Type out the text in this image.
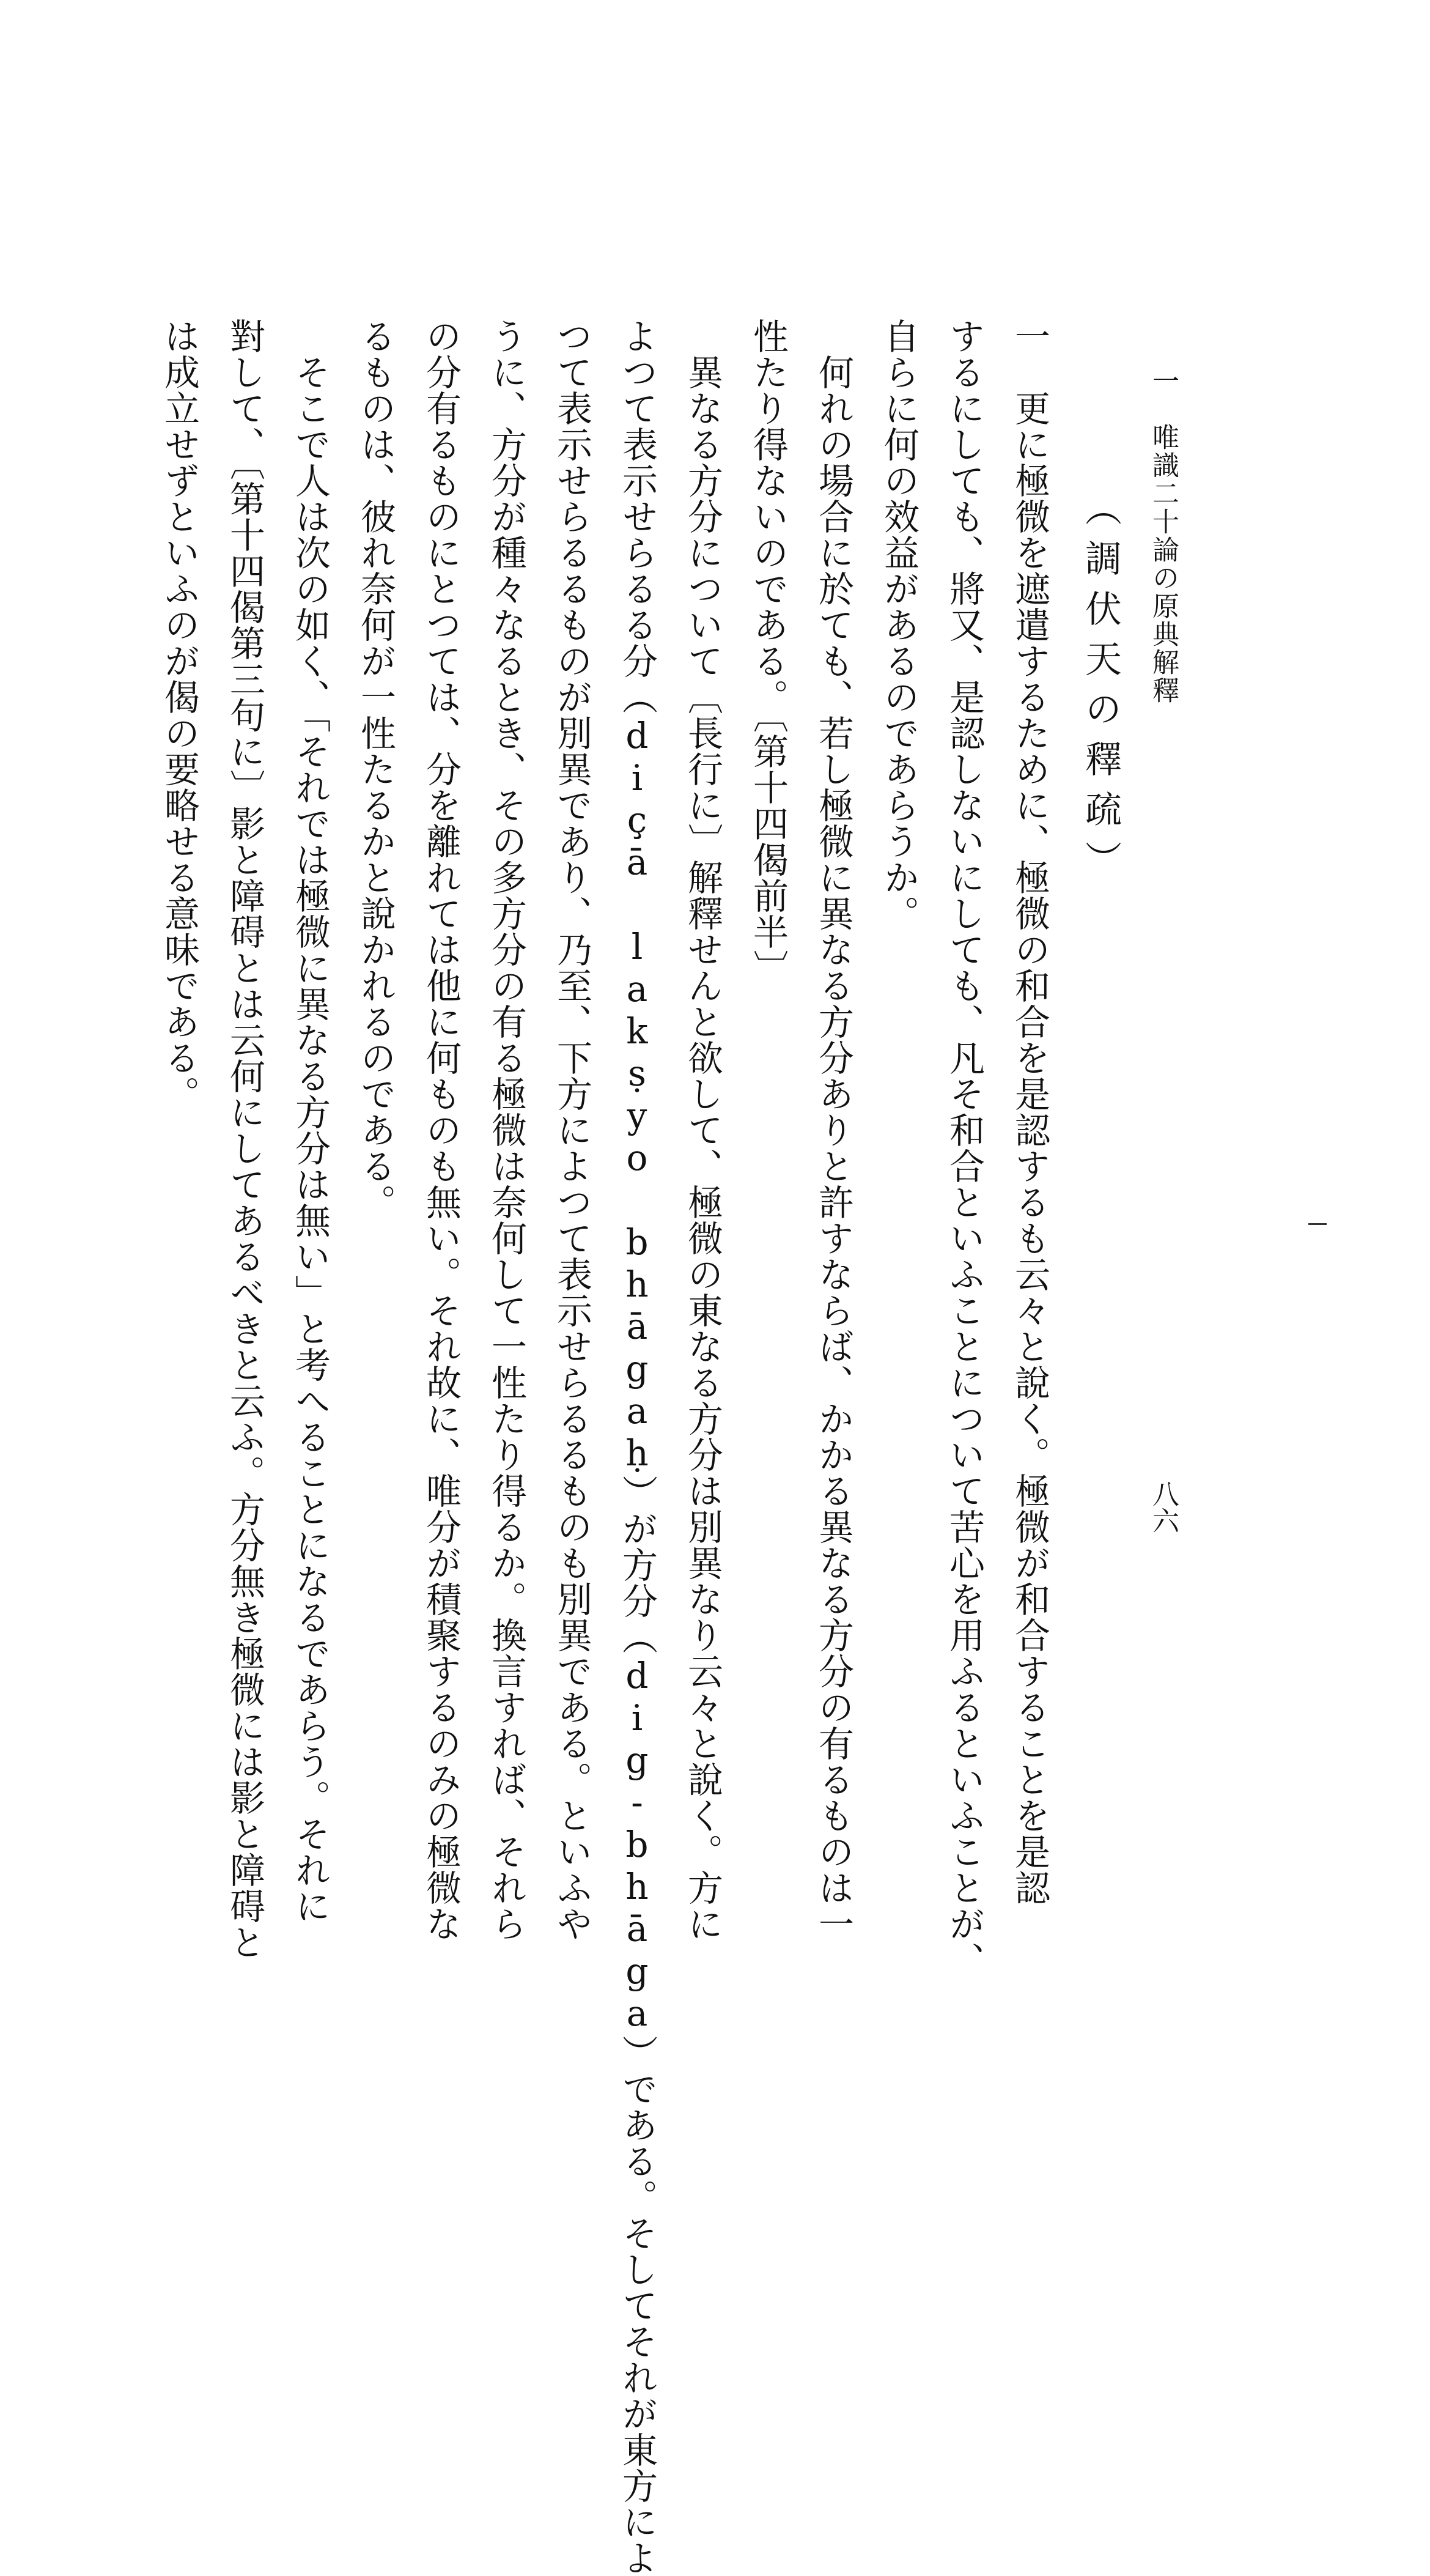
一　唯識二十論の原典解釋
八六
（調伏天の釋疏）
一　更に極微を遮遣するために、極微の和合を是認するも云々と說く。極微が和合することを是認
するにしても、將又、是認しないにしても、凡そ和合といふことについて苦心を用ふるといふことが、
自らに何の效益があるのであらうか。
　何れの場合に於ても、若し極微に異なる方分ありと許すならば、かかる異なる方分の有るものは一
性たり得ないのである。〔第十四偈前半〕
　異なる方分について〔長行に〕解釋せんと欲して、極微の東なる方分は別異なり云々と說く。方に
よつて表示せらるる分（diçā lakṣyo bhāgaḥ）が方分（dig-bhāga）である。そしてそれが東方によ
つて表示せらるるものが別異であり、乃至、下方によつて表示せらるるものも別異である。といふや
うに、方分が種々なるとき、その多方分の有る極微は奈何して一性たり得るか。換言すれば、それら
の分有るものにとつては、分を離れては他に何ものも無い。それ故に、唯分が積聚するのみの極微な
るものは、彼れ奈何が一性たるかと說かれるのである。
　そこで人は次の如く、「それでは極微に異なる方分は無い」と考へることになるであらう。それに
對して、〔第十四偈第三句に〕影と障碍とは云何にしてあるべきと云ふ。方分無き極微には影と障碍と
は成立せずといふのが偈の要略せる意味である。
